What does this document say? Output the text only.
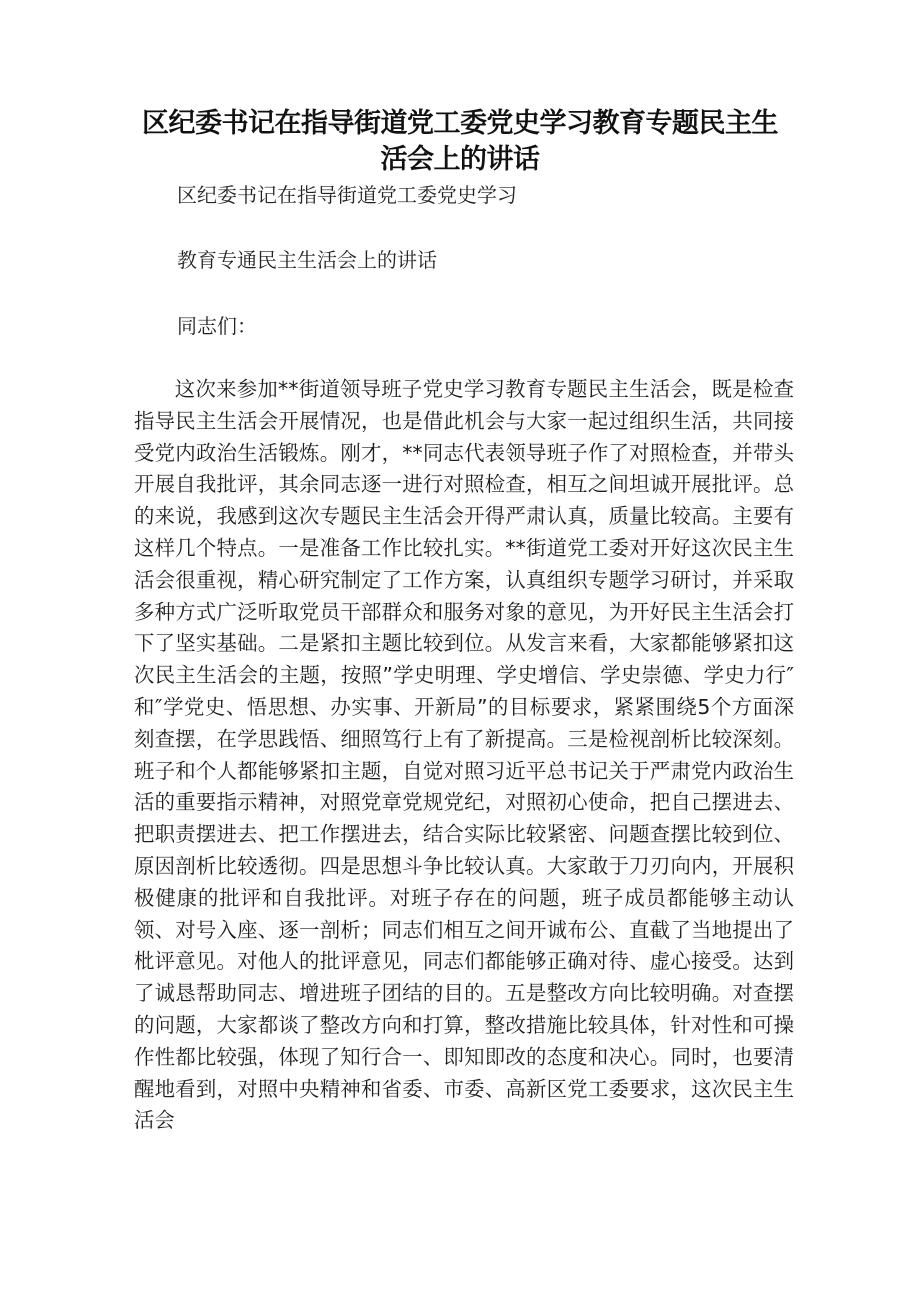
区纪委书记在指导街道党工委党史学习教育专题民主生活会上的讲话
区纪委书记在指导街道党工委党史学习
教育专通民主生活会上的讲话
同志们：
这次来参加**街道领导班子党史学习教育专题民主生活会，既是检查指导民主生活会开展情况，也是借此机会与大家一起过组织生活，共同接受党内政治生活锻炼。刚才，**同志代表领导班子作了对照检查，并带头开展自我批评，其余同志逐一进行对照检查，相互之间坦诚开展批评。总的来说，我感到这次专题民主生活会开得严肃认真，质量比较高。主要有这样几个特点。一是准备工作比较扎实。**街道党工委对开好这次民主生活会很重视，精心研究制定了工作方案，认真组织专题学习研讨，并采取多种方式广泛听取党员干部群众和服务对象的意见，为开好民主生活会打下了坚实基础。二是紧扣主题比较到位。从发言来看，大家都能够紧扣这次民主生活会的主题，按照”学史明理、学史增信、学史崇德、学史力行″和″学党史、悟思想、办实事、开新局”的目标要求，紧紧围绕5个方面深刻查摆，在学思践悟、细照笃行上有了新提高。三是检视剖析比较深刻。班子和个人都能够紧扣主题，自觉对照习近平总书记关于严肃党内政治生活的重要指示精神，对照党章党规党纪，对照初心使命，把自己摆进去、把职责摆进去、把工作摆进去，结合实际比较紧密、问题查摆比较到位、原因剖析比较透彻。四是思想斗争比较认真。大家敢于刀刃向内，开展积极健康的批评和自我批评。对班子存在的问题，班子成员都能够主动认领、对号入座、逐一剖析；同志们相互之间开诚布公、直截了当地提出了枇评意见。对他人的批评意见，同志们都能够正确对待、虚心接受。达到了诚恳帮助同志、增进班子团结的目的。五是整改方向比较明确。对查摆的问题，大家都谈了整改方向和打算，整改措施比较具体，针对性和可操作性都比较强，体现了知行合一、即知即改的态度和决心。同时，也要清醒地看到，对照中央精神和省委、市委、高新区党工委要求，这次民主生活会
